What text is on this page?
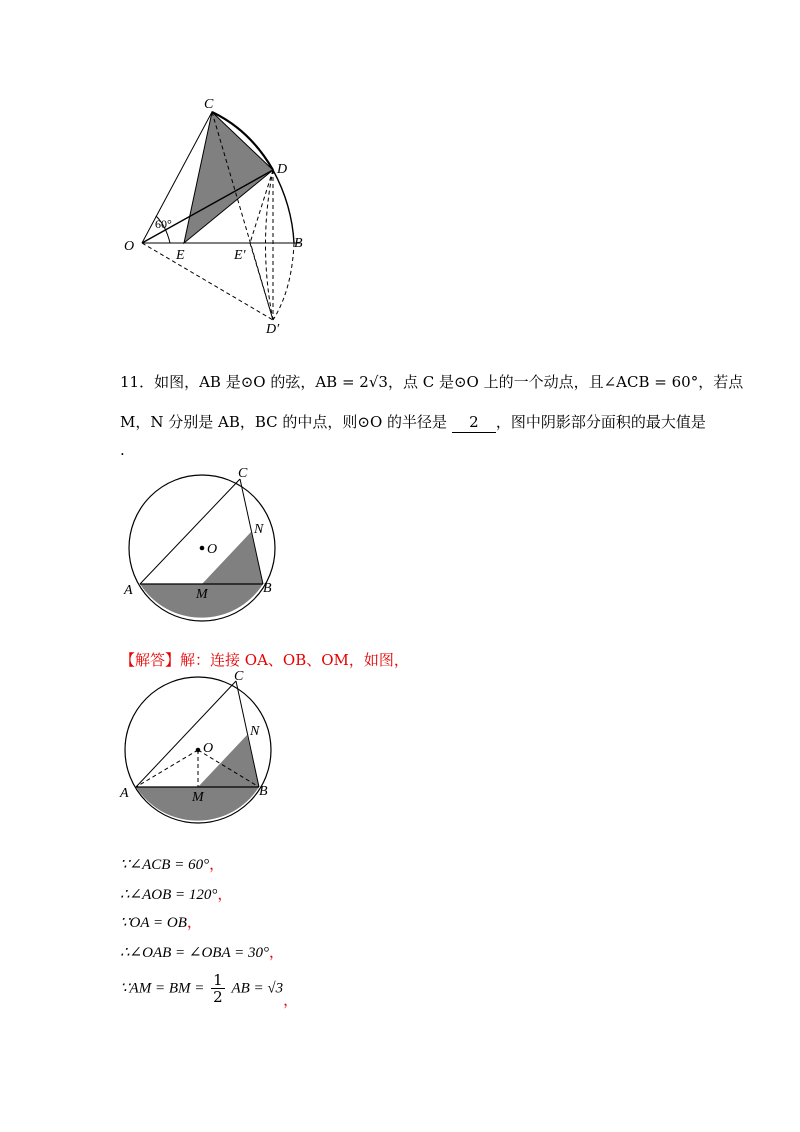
C
D
O
E	E′
B
D′
60°
11．如图，AB 是⊙O 的弦，AB = 2√3，点 C 是⊙O 上的一个动点，且∠ACB = 60°，若点
M，N 分别是 AB，BC 的中点，则⊙O 的半径是 2 ，图中阴影部分面积的最大值是
.
C
N
O
A	M	B
【解答】解：连接 OA、OB、OM，如图，
C
N
O
A	M	B
∵∠ACB = 60°，
∴∠AOB = 120°，
∵OA = OB，
∴∠OAB = ∠OBA = 30°，
∵AM = BM = $\frac{1}{2}$ AB = √3，
